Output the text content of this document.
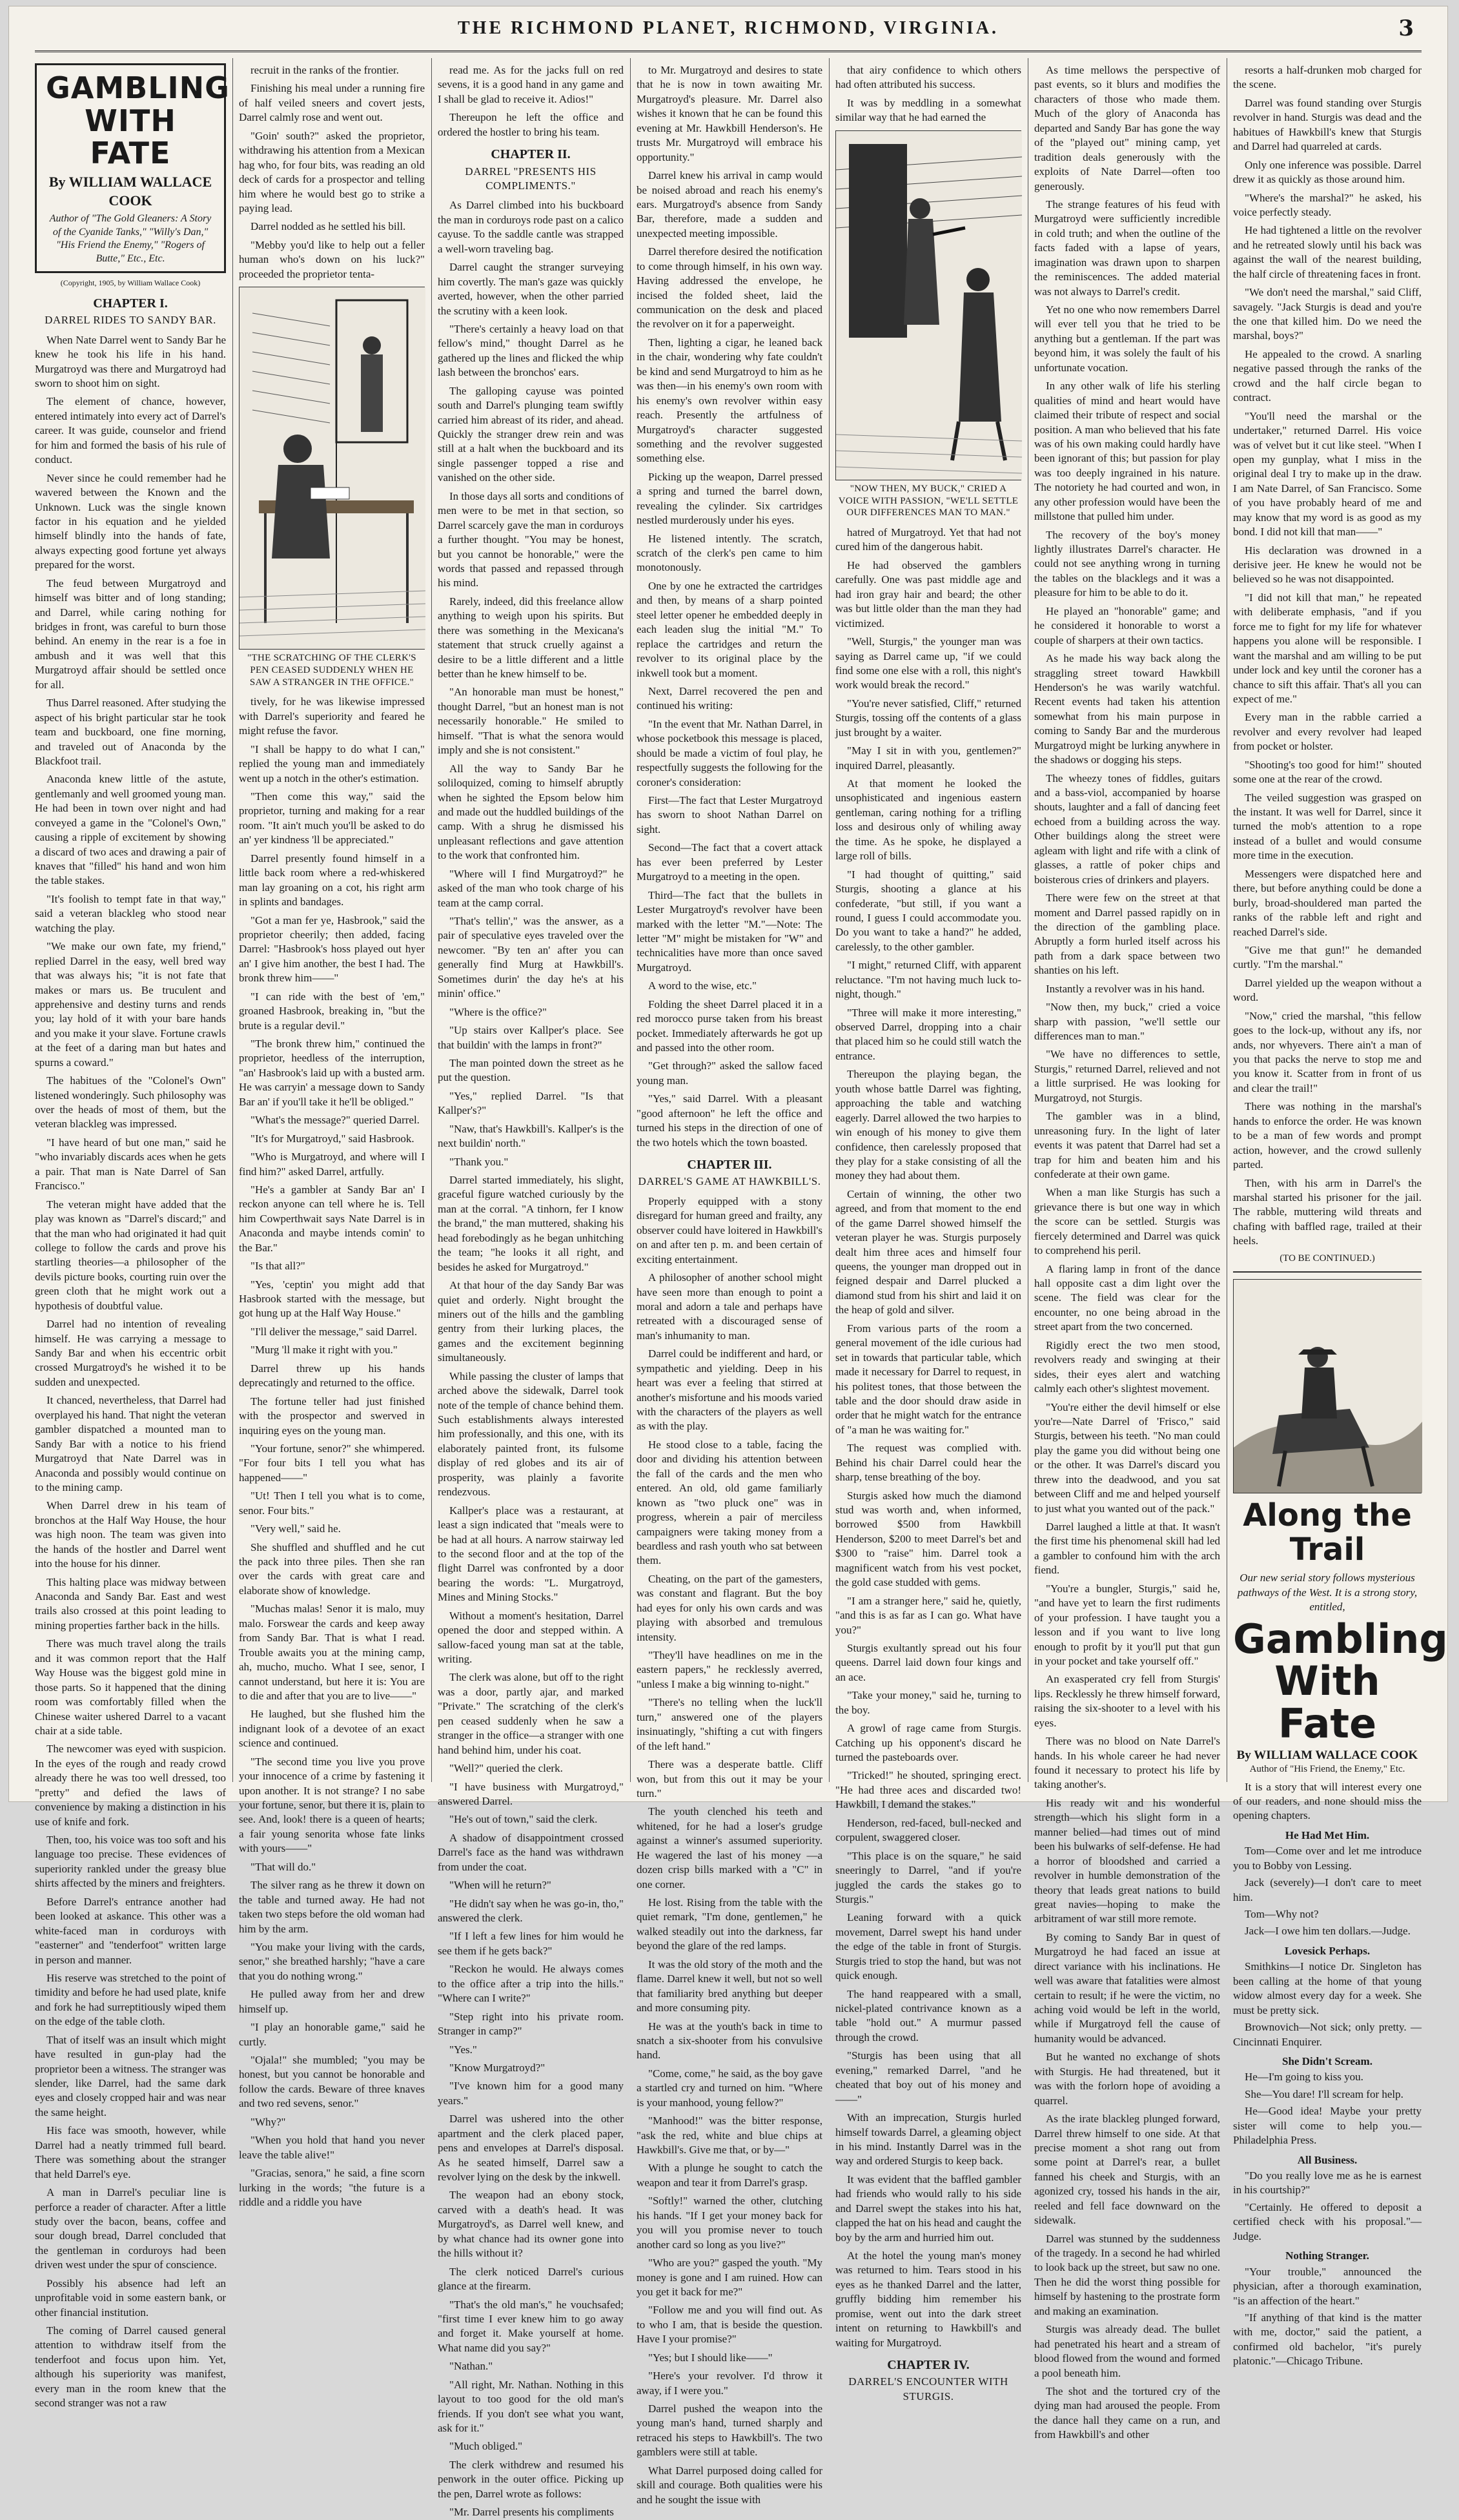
THE RICHMOND PLANET, RICHMOND, VIRGINIA.	3
GAMBLING WITH FATE
By WILLIAM WALLACE COOK
Author of "The Gold Gleaners: A Story of the Cyanide Tanks," "Willy's Dan," "His Friend the Enemy," "Rogers of Butte," Etc., Etc.
(Copyright, 1905, by William Wallace Cook)
CHAPTER I.
DARREL RIDES TO SANDY BAR.

When Nate Darrel went to Sandy Bar he knew he took his life in his hand. Murgatroyd was there and Murgatroyd had sworn to shoot him on sight.

The element of chance, however, entered intimately into every act of Darrel's career. It was guide, counselor and friend for him and formed the basis of his rule of conduct.

Never since he could remember had he wavered between the Known and the Unknown. Luck was the single known factor in his equation and he yielded himself blindly into the hands of fate, always expecting good fortune yet always prepared for the worst.

The feud between Murgatroyd and himself was bitter and of long standing; and Darrel, while caring nothing for bridges in front, was careful to burn those behind. An enemy in the rear is a foe in ambush and it was well that this Murgatroyd affair should be settled once for all.

Thus Darrel reasoned. After studying the aspect of his bright particular star he took team and buckboard, one fine morning, and traveled out of Anaconda by the Blackfoot trail.

Anaconda knew little of the astute, gentlemanly and well groomed young man. He had been in town over night and had conveyed a game in the "Colonel's Own," causing a ripple of excitement by showing a discard of two aces and drawing a pair of knaves that "filled" his hand and won him the table stakes.

"It's foolish to tempt fate in that way," said a veteran blackleg who stood near watching the play.

"We make our own fate, my friend," replied Darrel in the easy, well bred way that was always his; "it is not fate that makes or mars us. Be truculent and apprehensive and destiny turns and rends you; lay hold of it with your bare hands and you make it your slave. Fortune crawls at the feet of a daring man but hates and spurns a coward."

The habitues of the "Colonel's Own" listened wonderingly. Such philosophy was over the heads of most of them, but the veteran blackleg was impressed.

"I have heard of but one man," said he "who invariably discards aces when he gets a pair. That man is Nate Darrel of San Francisco."

The veteran might have added that the play was known as "Darrel's discard;" and that the man who had originated it had quit college to follow the cards and prove his startling theories—a philosopher of the devils picture books, courting ruin over the green cloth that he might work out a hypothesis of doubtful value.

Darrel had no intention of revealing himself. He was carrying a message to Sandy Bar and when his eccentric orbit crossed Murgatroyd's he wished it to be sudden and unexpected.

It chanced, nevertheless, that Darrel had overplayed his hand. That night the veteran gambler dispatched a mounted man to Sandy Bar with a notice to his friend Murgatroyd that Nate Darrel was in Anaconda and possibly would continue on to the mining camp.

When Darrel drew in his team of bronchos at the Half Way House, the hour was high noon. The team was given into the hands of the hostler and Darrel went into the house for his dinner.

This halting place was midway between Anaconda and Sandy Bar. East and west trails also crossed at this point leading to mining properties farther back in the hills.

There was much travel along the trails and it was common report that the Half Way House was the biggest gold mine in those parts. So it happened that the dining room was comfortably filled when the Chinese waiter ushered Darrel to a vacant chair at a side table.

The newcomer was eyed with suspicion. In the eyes of the rough and ready crowd already there he was too well dressed, too "pretty" and defied the laws of convenience by making a distinction in his use of knife and fork.

Then, too, his voice was too soft and his language too precise. These evidences of superiority rankled under the greasy blue shirts affected by the miners and freighters.

Before Darrel's entrance another had been looked at askance. This other was a white-faced man in corduroys with "easterner" and "tenderfoot" written large in person and manner.

His reserve was stretched to the point of timidity and before he had used plate, knife and fork he had surreptitiously wiped them on the edge of the table cloth.

That of itself was an insult which might have resulted in gun-play had the proprietor been a witness. The stranger was slender, like Darrel, had the same dark eyes and closely cropped hair and was near the same height.

His face was smooth, however, while Darrel had a neatly trimmed full beard. There was something about the stranger that held Darrel's eye.

A man in Darrel's peculiar line is perforce a reader of character. After a little study over the bacon, beans, coffee and sour dough bread, Darrel concluded that the gentleman in corduroys had been driven west under the spur of conscience.

Possibly his absence had left an unprofitable void in some eastern bank, or other financial institution.

The coming of Darrel caused general attention to withdraw itself from the tenderfoot and focus upon him. Yet, although his superiority was manifest, every man in the room knew that the second stranger was not a raw

recruit in the ranks of the frontier.

Finishing his meal under a running fire of half veiled sneers and covert jests, Darrel calmly rose and went out.

"Goin' south?" asked the proprietor, withdrawing his attention from a Mexican hag who, for four bits, was reading an old deck of cards for a prospector and telling him where he would best go to strike a paying lead.

Darrel nodded as he settled his bill.

"Mebby you'd like to help out a feller human who's down on his luck?" proceeded the proprietor tenta-

"THE SCRATCHING OF THE CLERK'S PEN CEASED SUDDENLY WHEN HE SAW A STRANGER IN THE OFFICE."

tively, for he was likewise impressed with Darrel's superiority and feared he might refuse the favor.

"I shall be happy to do what I can," replied the young man and immediately went up a notch in the other's estimation.

"Then come this way," said the proprietor, turning and making for a rear room. "It ain't much you'll be asked to do an' yer kindness 'll be appreciated."

Darrel presently found himself in a little back room where a red-whiskered man lay groaning on a cot, his right arm in splints and bandages.

"Got a man fer ye, Hasbrook," said the proprietor cheerily; then added, facing Darrel: "Hasbrook's hoss played out hyer an' I give him another, the best I had. The bronk threw him——"

"I can ride with the best of 'em," groaned Hasbrook, breaking in, "but the brute is a regular devil."

"The bronk threw him," continued the proprietor, heedless of the interruption, "an' Hasbrook's laid up with a busted arm. He was carryin' a message down to Sandy Bar an' if you'll take it he'll be obliged."

"What's the message?" queried Darrel.

"It's for Murgatroyd," said Hasbrook.

"Who is Murgatroyd, and where will I find him?" asked Darrel, artfully.

"He's a gambler at Sandy Bar an' I reckon anyone can tell where he is. Tell him Cowperthwait says Nate Darrel is in Anaconda and maybe intends comin' to the Bar."

"Is that all?"

"Yes, 'ceptin' you might add that Hasbrook started with the message, but got hung up at the Half Way House."

"I'll deliver the message," said Darrel.

"Murg 'll make it right with you."

Darrel threw up his hands deprecatingly and returned to the office.

The fortune teller had just finished with the prospector and swerved in inquiring eyes on the young man.

"Your fortune, senor?" she whimpered. "For four bits I tell you what has happened——"

"Ut! Then I tell you what is to come, senor. Four bits."

"Very well," said he.

She shuffled and shuffled and he cut the pack into three piles. Then she ran over the cards with great care and elaborate show of knowledge.

"Muchas malas! Senor it is malo, muy malo. Forswear the cards and keep away from Sandy Bar. That is what I read. Trouble awaits you at the mining camp, ah, mucho, mucho. What I see, senor, I cannot understand, but here it is: You are to die and after that you are to live——"

He laughed, but she flushed him the indignant look of a devotee of an exact science and continued.

"The second time you live you prove your innocence of a crime by fastening it upon another. It is not strange? I no sabe your fortune, senor, but there it is, plain to see. And, look! there is a queen of hearts; a fair young senorita whose fate links with yours——"

"That will do."

The silver rang as he threw it down on the table and turned away. He had not taken two steps before the old woman had him by the arm.

"You make your living with the cards, senor," she breathed harshly; "have a care that you do nothing wrong."

He pulled away from her and drew himself up.

"I play an honorable game," said he curtly.

"Ojala!" she mumbled; "you may be honest, but you cannot be honorable and follow the cards. Beware of three knaves and two red sevens, senor."

"Why?"

"When you hold that hand you never leave the table alive!"

"Gracias, senora," he said, a fine scorn lurking in the words; "the future is a riddle and a riddle you have

read me. As for the jacks full on red sevens, it is a good hand in any game and I shall be glad to receive it. Adios!"

Thereupon he left the office and ordered the hostler to bring his team.

CHAPTER II.
DARREL "PRESENTS HIS COMPLIMENTS."

As Darrel climbed into his buckboard the man in corduroys rode past on a calico cayuse. To the saddle cantle was strapped a well-worn traveling bag.

Darrel caught the stranger surveying him covertly. The man's gaze was quickly averted, however, when the other parried the scrutiny with a keen look.

"There's certainly a heavy load on that fellow's mind," thought Darrel as he gathered up the lines and flicked the whip lash between the bronchos' ears.

The galloping cayuse was pointed south and Darrel's plunging team swiftly carried him abreast of its rider, and ahead. Quickly the stranger drew rein and was still at a halt when the buckboard and its single passenger topped a rise and vanished on the other side.

In those days all sorts and conditions of men were to be met in that section, so Darrel scarcely gave the man in corduroys a further thought. "You may be honest, but you cannot be honorable," were the words that passed and repassed through his mind.

Rarely, indeed, did this freelance allow anything to weigh upon his spirits. But there was something in the Mexicana's statement that struck cruelly against a desire to be a little different and a little better than he knew himself to be.

"An honorable man must be honest," thought Darrel, "but an honest man is not necessarily honorable." He smiled to himself. "That is what the senora would imply and she is not consistent."

All the way to Sandy Bar he soliloquized, coming to himself abruptly when he sighted the Epsom below him and made out the huddled buildings of the camp. With a shrug he dismissed his unpleasant reflections and gave attention to the work that confronted him.

"Where will I find Murgatroyd?" he asked of the man who took charge of his team at the camp corral.

"That's tellin'," was the answer, as a pair of speculative eyes traveled over the newcomer. "By ten an' after you can generally find Murg at Hawkbill's. Sometimes durin' the day he's at his minin' office."

"Where is the office?"

"Up stairs over Kallper's place. See that buildin' with the lamps in front?"

The man pointed down the street as he put the question.

"Yes," replied Darrel. "Is that Kallper's?"

"Naw, that's Hawkbill's. Kallper's is the next buildin' north."

"Thank you."

Darrel started immediately, his slight, graceful figure watched curiously by the man at the corral. "A tinhorn, fer I know the brand," the man muttered, shaking his head forebodingly as he began unhitching the team; "he looks it all right, and besides he asked for Murgatroyd."

At that hour of the day Sandy Bar was quiet and orderly. Night brought the miners out of the hills and the gambling gentry from their lurking places, the games and the excitement beginning simultaneously.

While passing the cluster of lamps that arched above the sidewalk, Darrel took note of the temple of chance behind them. Such establishments always interested him professionally, and this one, with its elaborately painted front, its fulsome display of red globes and its air of prosperity, was plainly a favorite rendezvous.

Kallper's place was a restaurant, at least a sign indicated that "meals were to be had at all hours. A narrow stairway led to the second floor and at the top of the flight Darrel was confronted by a door bearing the words: "L. Murgatroyd, Mines and Mining Stocks."

Without a moment's hesitation, Darrel opened the door and stepped within. A sallow-faced young man sat at the table, writing.

The clerk was alone, but off to the right was a door, partly ajar, and marked "Private." The scratching of the clerk's pen ceased suddenly when he saw a stranger in the office—a stranger with one hand behind him, under his coat.

"Well?" queried the clerk.

"I have business with Murgatroyd," answered Darrel.

"He's out of town," said the clerk.

A shadow of disappointment crossed Darrel's face as the hand was withdrawn from under the coat.

"When will he return?"

"He didn't say when he was go-in, tho," answered the clerk.

"If I left a few lines for him would he see them if he gets back?"

"Reckon he would. He always comes to the office after a trip into the hills." "Where can I write?"

"Step right into his private room. Stranger in camp?"

"Yes."

"Know Murgatroyd?"

"I've known him for a good many years."

Darrel was ushered into the other apartment and the clerk placed paper, pens and envelopes at Darrel's disposal. As he seated himself, Darrel saw a revolver lying on the desk by the inkwell.

The weapon had an ebony stock, carved with a death's head. It was Murgatroyd's, as Darrel well knew, and by what chance had its owner gone into the hills without it?

The clerk noticed Darrel's curious glance at the firearm.

"That's the old man's," he vouchsafed; "first time I ever knew him to go away and forget it. Make yourself at home. What name did you say?"

"Nathan."

"All right, Mr. Nathan. Nothing in this layout to too good for the old man's friends. If you don't see what you want, ask for it."

"Much obliged."

The clerk withdrew and resumed his penwork in the outer office. Picking up the pen, Darrel wrote as follows:

"Mr. Darrel presents his compliments

to Mr. Murgatroyd and desires to state that he is now in town awaiting Mr. Murgatroyd's pleasure. Mr. Darrel also wishes it known that he can be found this evening at Mr. Hawkbill Henderson's. He trusts Mr. Murgatroyd will embrace his opportunity."

Darrel knew his arrival in camp would be noised abroad and reach his enemy's ears. Murgatroyd's absence from Sandy Bar, therefore, made a sudden and unexpected meeting impossible.

Darrel therefore desired the notification to come through himself, in his own way. Having addressed the envelope, he incised the folded sheet, laid the communication on the desk and placed the revolver on it for a paperweight.

Then, lighting a cigar, he leaned back in the chair, wondering why fate couldn't be kind and send Murgatroyd to him as he was then—in his enemy's own room with his enemy's own revolver within easy reach. Presently the artfulness of Murgatroyd's character suggested something and the revolver suggested something else.

Picking up the weapon, Darrel pressed a spring and turned the barrel down, revealing the cylinder. Six cartridges nestled murderously under his eyes.

He listened intently. The scratch, scratch of the clerk's pen came to him monotonously.

One by one he extracted the cartridges and then, by means of a sharp pointed steel letter opener he embedded deeply in each leaden slug the initial "M." To replace the cartridges and return the revolver to its original place by the inkwell took but a moment.

Next, Darrel recovered the pen and continued his writing:

"In the event that Mr. Nathan Darrel, in whose pocketbook this message is placed, should be made a victim of foul play, he respectfully suggests the following for the coroner's consideration:

First—The fact that Lester Murgatroyd has sworn to shoot Nathan Darrel on sight.

Second—The fact that a covert attack has ever been preferred by Lester Murgatroyd to a meeting in the open.

Third—The fact that the bullets in Lester Murgatroyd's revolver have been marked with the letter "M."—Note: The letter "M" might be mistaken for "W" and technicalities have more than once saved Murgatroyd.

A word to the wise, etc."

Folding the sheet Darrel placed it in a red morocco purse taken from his breast pocket. Immediately afterwards he got up and passed into the other room.

"Get through?" asked the sallow faced young man.

"Yes," said Darrel. With a pleasant "good afternoon" he left the office and turned his steps in the direction of one of the two hotels which the town boasted.

CHAPTER III.
DARREL'S GAME AT HAWKBILL'S.

Properly equipped with a stony disregard for human greed and frailty, any observer could have loitered in Hawkbill's on and after ten p. m. and been certain of exciting entertainment.

A philosopher of another school might have seen more than enough to point a moral and adorn a tale and perhaps have retreated with a discouraged sense of man's inhumanity to man.

Darrel could be indifferent and hard, or sympathetic and yielding. Deep in his heart was ever a feeling that stirred at another's misfortune and his moods varied with the characters of the players as well as with the play.

He stood close to a table, facing the door and dividing his attention between the fall of the cards and the men who entered. An old, old game familiarly known as "two pluck one" was in progress, wherein a pair of merciless campaigners were taking money from a beardless and rash youth who sat between them.

Cheating, on the part of the gamesters, was constant and flagrant. But the boy had eyes for only his own cards and was playing with absorbed and tremulous intensity.

"They'll have headlines on me in the eastern papers," he recklessly averred, "unless I make a big winning to-night."

"There's no telling when the luck'll turn," answered one of the players insinuatingly, "shifting a cut with fingers of the left hand."

There was a desperate battle. Cliff won, but from this out it may be your turn."

The youth clenched his teeth and whitened, for he had a loser's grudge against a winner's assumed superiority. He wagered the last of his money —a dozen crisp bills marked with a "C" in one corner.

He lost. Rising from the table with the quiet remark, "I'm done, gentlemen," he walked steadily out into the darkness, far beyond the glare of the red lamps.

It was the old story of the moth and the flame. Darrel knew it well, but not so well that familiarity bred anything but deeper and more consuming pity.

He was at the youth's back in time to snatch a six-shooter from his convulsive hand.

"Come, come," he said, as the boy gave a startled cry and turned on him. "Where is your manhood, young fellow?"

"Manhood!" was the bitter response, "ask the red, white and blue chips at Hawkbill's. Give me that, or by—"

With a plunge he sought to catch the weapon and tear it from Darrel's grasp.

"Softly!" warned the other, clutching his hands. "If I get your money back for you will you promise never to touch another card so long as you live?"

"Who are you?" gasped the youth. "My money is gone and I am ruined. How can you get it back for me?"

"Follow me and you will find out. As to who I am, that is beside the question. Have I your promise?"

"Yes; but I should like——"

"Here's your revolver. I'd throw it away, if I were you."

Darrel pushed the weapon into the young man's hand, turned sharply and retraced his steps to Hawkbill's. The two gamblers were still at table.

What Darrel purposed doing called for skill and courage. Both qualities were his and he sought the issue with

that airy confidence to which others had often attributed his success.

It was by meddling in a somewhat similar way that he had earned the

"NOW THEN, MY BUCK," CRIED A VOICE WITH PASSION, "WE'LL SETTLE OUR DIFFERENCES MAN TO MAN."

hatred of Murgatroyd. Yet that had not cured him of the dangerous habit.

He had observed the gamblers carefully. One was past middle age and had iron gray hair and beard; the other was but little older than the man they had victimized.

"Well, Sturgis," the younger man was saying as Darrel came up, "if we could find some one else with a roll, this night's work would break the record."

"You're never satisfied, Cliff," returned Sturgis, tossing off the contents of a glass just brought by a waiter.

"May I sit in with you, gentlemen?" inquired Darrel, pleasantly.

At that moment he looked the unsophisticated and ingenious eastern gentleman, caring nothing for a trifling loss and desirous only of whiling away the time. As he spoke, he displayed a large roll of bills.

"I had thought of quitting," said Sturgis, shooting a glance at his confederate, "but still, if you want a round, I guess I could accommodate you. Do you want to take a hand?" he added, carelessly, to the other gambler.

"I might," returned Cliff, with apparent reluctance. "I'm not having much luck to-night, though."

"Three will make it more interesting," observed Darrel, dropping into a chair that placed him so he could still watch the entrance.

Thereupon the playing began, the youth whose battle Darrel was fighting, approaching the table and watching eagerly. Darrel allowed the two harpies to win enough of his money to give them confidence, then carelessly proposed that they play for a stake consisting of all the money they had about them.

Certain of winning, the other two agreed, and from that moment to the end of the game Darrel showed himself the veteran player he was. Sturgis purposely dealt him three aces and himself four queens, the younger man dropped out in feigned despair and Darrel plucked a diamond stud from his shirt and laid it on the heap of gold and silver.

From various parts of the room a general movement of the idle curious had set in towards that particular table, which made it necessary for Darrel to request, in his politest tones, that those between the table and the door should draw aside in order that he might watch for the entrance of "a man he was waiting for."

The request was complied with. Behind his chair Darrel could hear the sharp, tense breathing of the boy.

Sturgis asked how much the diamond stud was worth and, when informed, borrowed $500 from Hawkbill Henderson, $200 to meet Darrel's bet and $300 to "raise" him. Darrel took a magnificent watch from his vest pocket, the gold case studded with gems.

"I am a stranger here," said he, quietly, "and this is as far as I can go. What have you?"

Sturgis exultantly spread out his four queens. Darrel laid down four kings and an ace.

"Take your money," said he, turning to the boy.

A growl of rage came from Sturgis. Catching up his opponent's discard he turned the pasteboards over.

"Tricked!" he shouted, springing erect. "He had three aces and discarded two! Hawkbill, I demand the stakes."

Henderson, red-faced, bull-necked and corpulent, swaggered closer.

"This place is on the square," he said sneeringly to Darrel, "and if you're juggled the cards the stakes go to Sturgis."

Leaning forward with a quick movement, Darrel swept his hand under the edge of the table in front of Sturgis. Sturgis tried to stop the hand, but was not quick enough.

The hand reappeared with a small, nickel-plated contrivance known as a table "hold out." A murmur passed through the crowd.

"Sturgis has been using that all evening," remarked Darrel, "and he cheated that boy out of his money and——"

With an imprecation, Sturgis hurled himself towards Darrel, a gleaming object in his mind. Instantly Darrel was in the way and ordered Sturgis to keep back.

It was evident that the baffled gambler had friends who would rally to his side and Darrel swept the stakes into his hat, clapped the hat on his head and caught the boy by the arm and hurried him out.

At the hotel the young man's money was returned to him. Tears stood in his eyes as he thanked Darrel and the latter, gruffly bidding him remember his promise, went out into the dark street intent on returning to Hawkbill's and waiting for Murgatroyd.

CHAPTER IV.
DARREL'S ENCOUNTER WITH STURGIS.

As time mellows the perspective of past events, so it blurs and modifies the characters of those who made them. Much of the glory of Anaconda has departed and Sandy Bar has gone the way of the "played out" mining camp, yet tradition deals generously with the exploits of Nate Darrel—often too generously.

The strange features of his feud with Murgatroyd were sufficiently incredible in cold truth; and when the outline of the facts faded with a lapse of years, imagination was drawn upon to sharpen the reminiscences. The added material was not always to Darrel's credit.

Yet no one who now remembers Darrel will ever tell you that he tried to be anything but a gentleman. If the part was beyond him, it was solely the fault of his unfortunate vocation.

In any other walk of life his sterling qualities of mind and heart would have claimed their tribute of respect and social position. A man who believed that his fate was of his own making could hardly have been ignorant of this; but passion for play was too deeply ingrained in his nature. The notoriety he had courted and won, in any other profession would have been the millstone that pulled him under.

The recovery of the boy's money lightly illustrates Darrel's character. He could not see anything wrong in turning the tables on the blacklegs and it was a pleasure for him to be able to do it.

He played an "honorable" game; and he considered it honorable to worst a couple of sharpers at their own tactics.

As he made his way back along the straggling street toward Hawkbill Henderson's he was warily watchful. Recent events had taken his attention somewhat from his main purpose in coming to Sandy Bar and the murderous Murgatroyd might be lurking anywhere in the shadows or dogging his steps.

The wheezy tones of fiddles, guitars and a bass-viol, accompanied by hoarse shouts, laughter and a fall of dancing feet echoed from a building across the way. Other buildings along the street were agleam with light and rife with a clink of glasses, a rattle of poker chips and boisterous cries of drinkers and players.

There were few on the street at that moment and Darrel passed rapidly on in the direction of the gambling place. Abruptly a form hurled itself across his path from a dark space between two shanties on his left.

Instantly a revolver was in his hand.

"Now then, my buck," cried a voice sharp with passion, "we'll settle our differences man to man."

"We have no differences to settle, Sturgis," returned Darrel, relieved and not a little surprised. He was looking for Murgatroyd, not Sturgis.

The gambler was in a blind, unreasoning fury. In the light of later events it was patent that Darrel had set a trap for him and beaten him and his confederate at their own game.

When a man like Sturgis has such a grievance there is but one way in which the score can be settled. Sturgis was fiercely determined and Darrel was quick to comprehend his peril.

A flaring lamp in front of the dance hall opposite cast a dim light over the scene. The field was clear for the encounter, no one being abroad in the street apart from the two concerned.

Rigidly erect the two men stood, revolvers ready and swinging at their sides, their eyes alert and watching calmly each other's slightest movement.

"You're either the devil himself or else you're—Nate Darrel of 'Frisco," said Sturgis, between his teeth. "No man could play the game you did without being one or the other. It was Darrel's discard you threw into the deadwood, and you sat between Cliff and me and helped yourself to just what you wanted out of the pack."

Darrel laughed a little at that. It wasn't the first time his phenomenal skill had led a gambler to confound him with the arch fiend.

"You're a bungler, Sturgis," said he, "and have yet to learn the first rudiments of your profession. I have taught you a lesson and if you want to live long enough to profit by it you'll put that gun in your pocket and take yourself off."

An exasperated cry fell from Sturgis' lips. Recklessly he threw himself forward, raising the six-shooter to a level with his eyes.

There was no blood on Nate Darrel's hands. In his whole career he had never found it necessary to protect his life by taking another's.

His ready wit and his wonderful strength—which his slight form in a manner belied—had times out of mind been his bulwarks of self-defense. He had a horror of bloodshed and carried a revolver in humble demonstration of the theory that leads great nations to build great navies—hoping to make the arbitrament of war still more remote.

By coming to Sandy Bar in quest of Murgatroyd he had faced an issue at direct variance with his inclinations. He well was aware that fatalities were almost certain to result; if he were the victim, no aching void would be left in the world, while if Murgatroyd fell the cause of humanity would be advanced.

But he wanted no exchange of shots with Sturgis. He had threatened, but it was with the forlorn hope of avoiding a quarrel.

As the irate blackleg plunged forward, Darrel threw himself to one side. At that precise moment a shot rang out from some point at Darrel's rear, a bullet fanned his cheek and Sturgis, with an agonized cry, tossed his hands in the air, reeled and fell face downward on the sidewalk.

Darrel was stunned by the suddenness of the tragedy. In a second he had whirled to look back up the street, but saw no one. Then he did the worst thing possible for himself by hastening to the prostrate form and making an examination.

Sturgis was already dead. The bullet had penetrated his heart and a stream of blood flowed from the wound and formed a pool beneath him.

The shot and the tortured cry of the dying man had aroused the people. From the dance hall they came on a run, and from Hawkbill's and other

resorts a half-drunken mob charged for the scene.

Darrel was found standing over Sturgis revolver in hand. Sturgis was dead and the habitues of Hawkbill's knew that Sturgis and Darrel had quarreled at cards.

Only one inference was possible. Darrel drew it as quickly as those around him.

"Where's the marshal?" he asked, his voice perfectly steady.

He had tightened a little on the revolver and he retreated slowly until his back was against the wall of the nearest building, the half circle of threatening faces in front.

"We don't need the marshal," said Cliff, savagely. "Jack Sturgis is dead and you're the one that killed him. Do we need the marshal, boys?"

He appealed to the crowd. A snarling negative passed through the ranks of the crowd and the half circle began to contract.

"You'll need the marshal or the undertaker," returned Darrel. His voice was of velvet but it cut like steel. "When I open my gunplay, what I miss in the original deal I try to make up in the draw. I am Nate Darrel, of San Francisco. Some of you have probably heard of me and may know that my word is as good as my bond. I did not kill that man——"

His declaration was drowned in a derisive jeer. He knew he would not be believed so he was not disappointed.

"I did not kill that man," he repeated with deliberate emphasis, "and if you force me to fight for my life for whatever happens you alone will be responsible. I want the marshal and am willing to be put under lock and key until the coroner has a chance to sift this affair. That's all you can expect of me."

Every man in the rabble carried a revolver and every revolver had leaped from pocket or holster.

"Shooting's too good for him!" shouted some one at the rear of the crowd.

The veiled suggestion was grasped on the instant. It was well for Darrel, since it turned the mob's attention to a rope instead of a bullet and would consume more time in the execution.

Messengers were dispatched here and there, but before anything could be done a burly, broad-shouldered man parted the ranks of the rabble left and right and reached Darrel's side.

"Give me that gun!" he demanded curtly. "I'm the marshal."

Darrel yielded up the weapon without a word.

"Now," cried the marshal, "this fellow goes to the lock-up, without any ifs, nor ands, nor whyevers. There ain't a man of you that packs the nerve to stop me and you know it. Scatter from in front of us and clear the trail!"

There was nothing in the marshal's hands to enforce the order. He was known to be a man of few words and prompt action, however, and the crowd sullenly parted.

Then, with his arm in Darrel's the marshal started his prisoner for the jail. The rabble, muttering wild threats and chafing with baffled rage, trailed at their heels.

(TO BE CONTINUED.)
Along the Trail
Our new serial story follows mysterious pathways of the West. It is a strong story, entitled,
Gambling With Fate
By WILLIAM WALLACE COOK
Author of "His Friend, the Enemy," Etc.

It is a story that will interest every one of our readers, and none should miss the opening chapters.

He Had Met Him.

Tom—Come over and let me introduce you to Bobby von Lessing.

Jack (severely)—I don't care to meet him.

Tom—Why not?

Jack—I owe him ten dollars.—Judge.

Lovesick Perhaps.

Smithkins—I notice Dr. Singleton has been calling at the home of that young widow almost every day for a week. She must be pretty sick.

Brownovich—Not sick; only pretty. —Cincinnati Enquirer.

She Didn't Scream.

He—I'm going to kiss you.

She—You dare! I'll scream for help.

He—Good idea! Maybe your pretty sister will come to help you.—Philadelphia Press.

All Business.

"Do you really love me as he is earnest in his courtship?"

"Certainly. He offered to deposit a certified check with his proposal."—Judge.

Nothing Stranger.

"Your trouble," announced the physician, after a thorough examination, "is an affection of the heart."

"If anything of that kind is the matter with me, doctor," said the patient, a confirmed old bachelor, "it's purely platonic."—Chicago Tribune.
